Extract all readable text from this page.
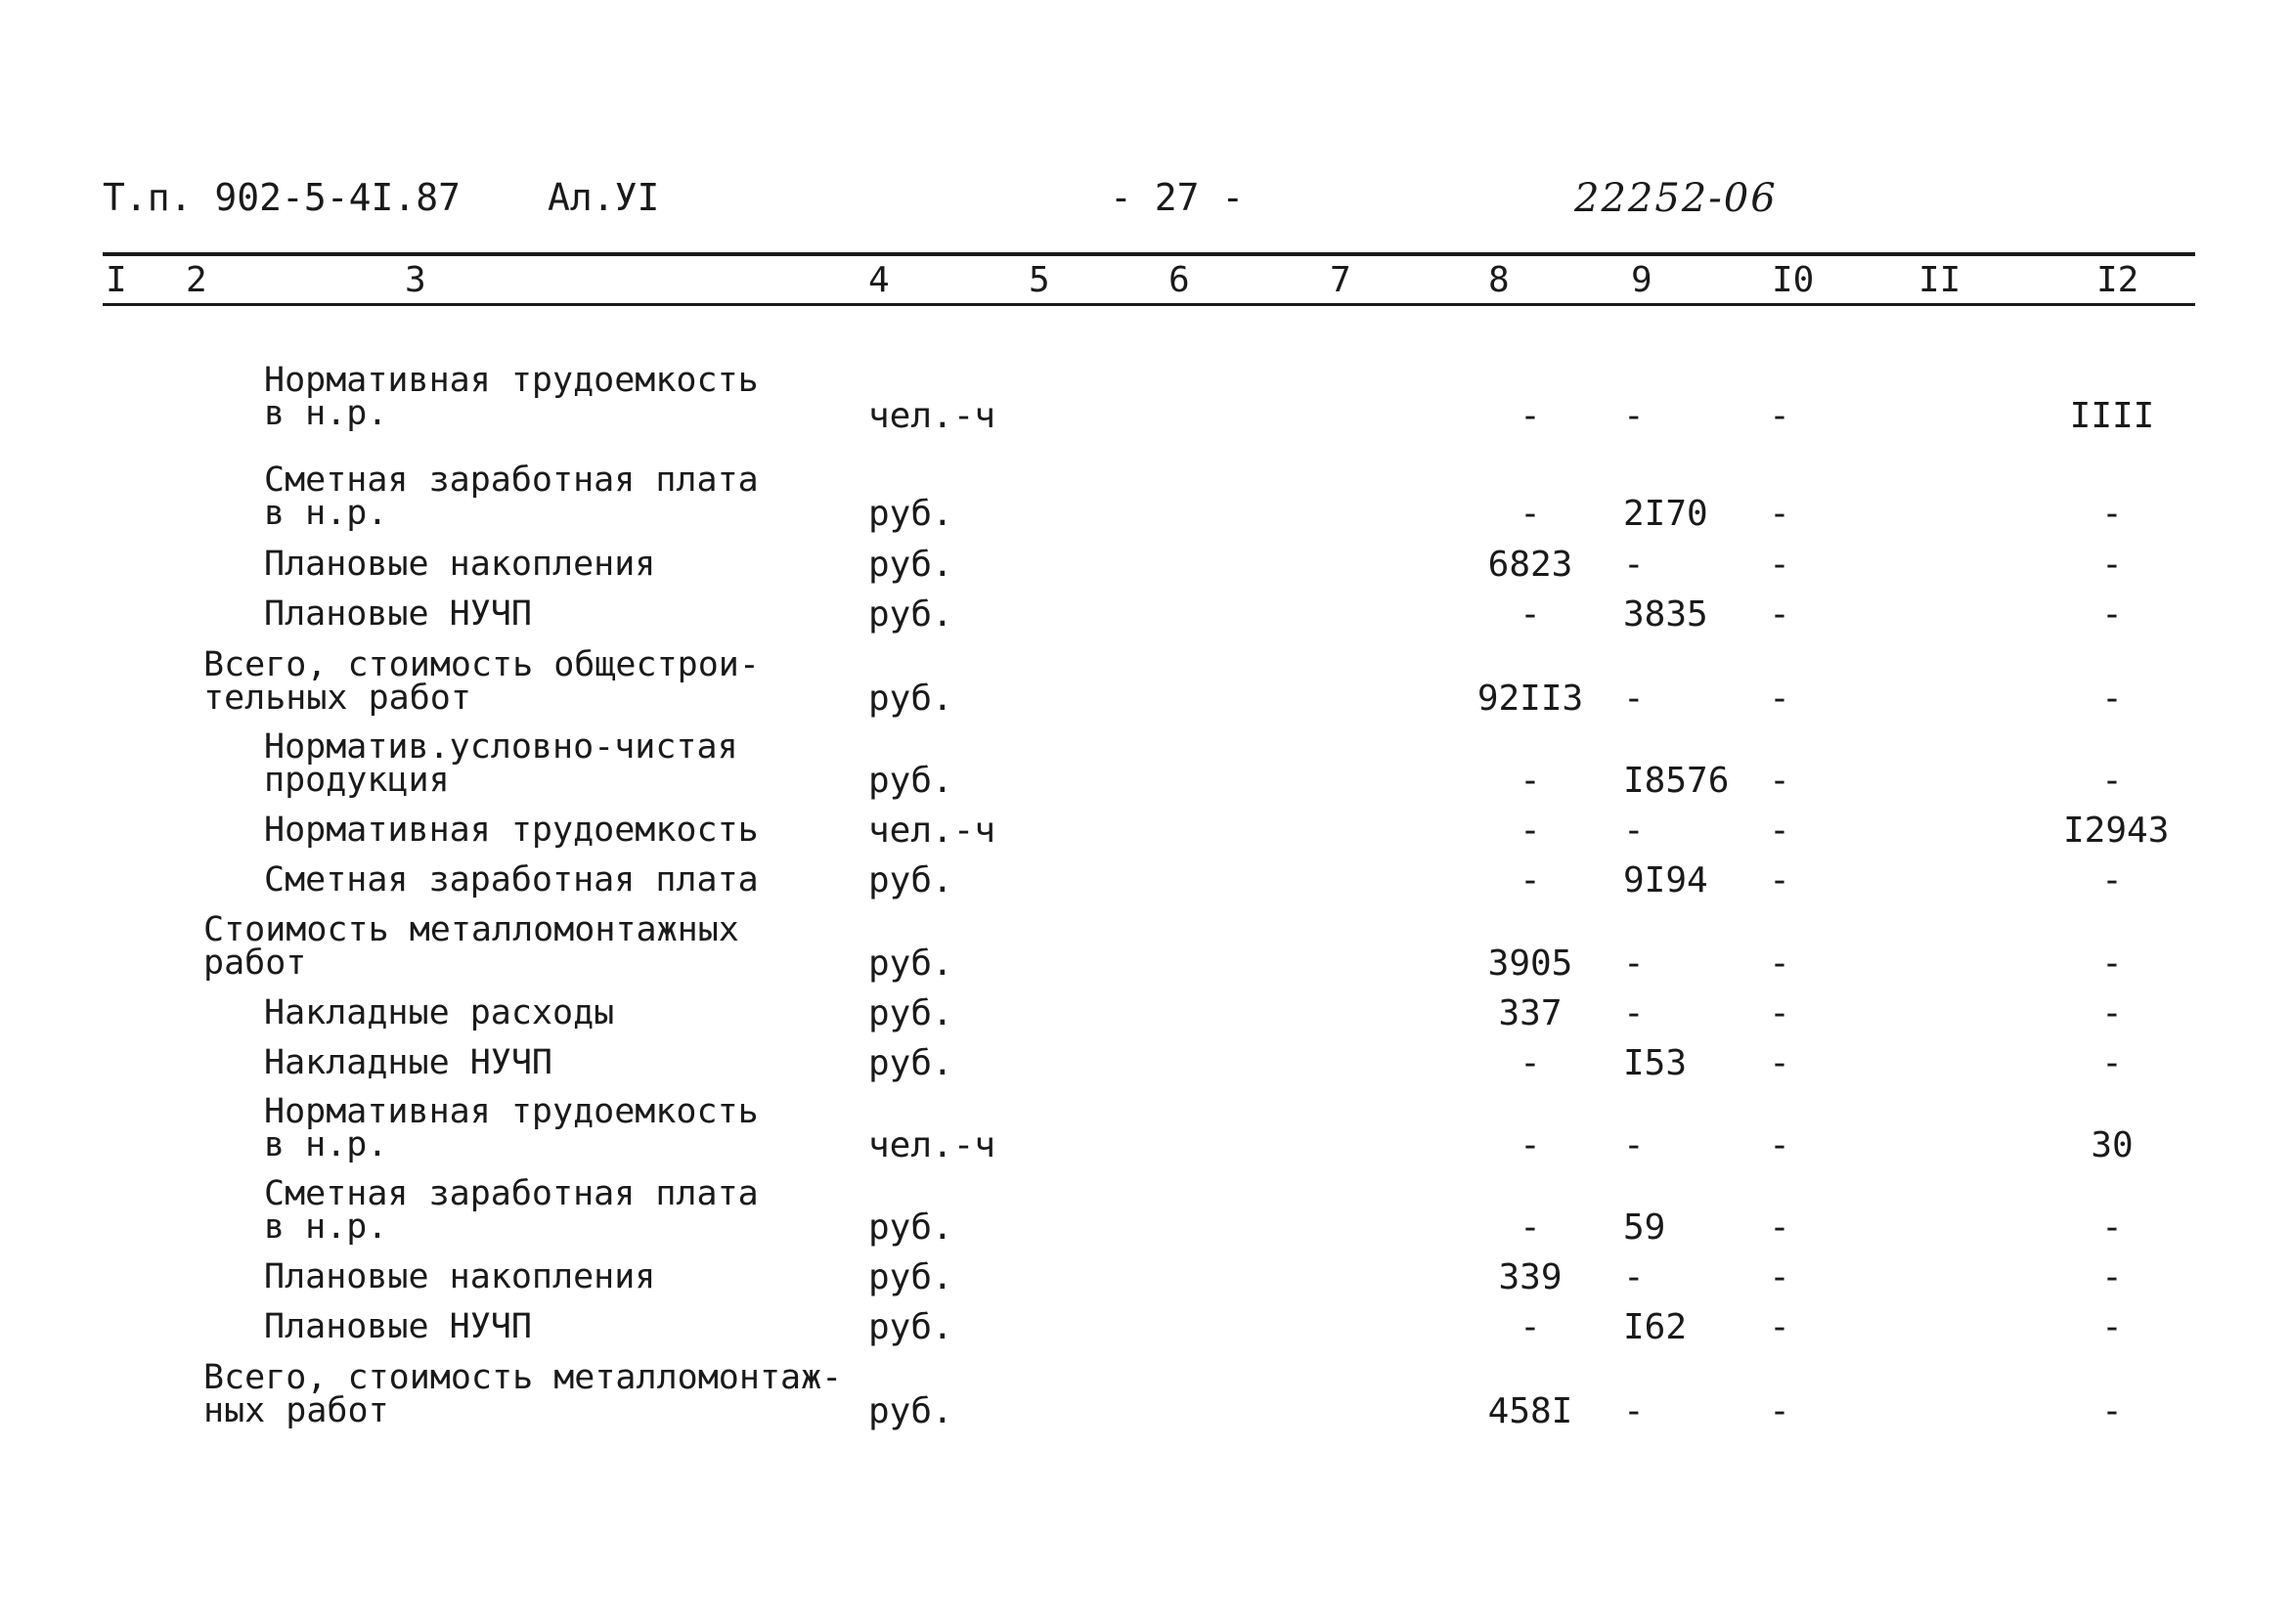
Т.п. 902-5-4I.87 Ал.УI	- 27 -	22252-06
I 2	3	4	5	6	7	8	9	I0	II	I2
Нормативная трудоемкость
в н.р.	чел.-ч	-	-	-	IIII
Сметная заработная плата
в н.р.	руб.	-	2I70	-	-
Плановые накопления	руб.	6823	-	-	-
Плановые НУЧП	руб.	-	3835	-	-
Всего, стоимость общестрои-
тельных работ	руб.	92II3	-	-	-
Норматив.условно-чистая
продукция	руб.	-	I8576	-	-
Нормативная трудоемкость	чел.-ч	-	-	-	I2943
Сметная заработная плата	руб.	-	9I94	-	-
Стоимость металломонтажных
работ	руб.	3905	-	-	-
Накладные расходы	руб.	337	-	-	-
Накладные НУЧП	руб.	-	I53	-	-
Нормативная трудоемкость
в н.р.	чел.-ч	-	-	-	30
Сметная заработная плата
в н.р.	руб.	-	59	-	-
Плановые накопления	руб.	339	-	-	-
Плановые НУЧП	руб.	-	I62	-	-
Всего, стоимость металломонтаж-
ных работ	руб.	458I	-	-	-
